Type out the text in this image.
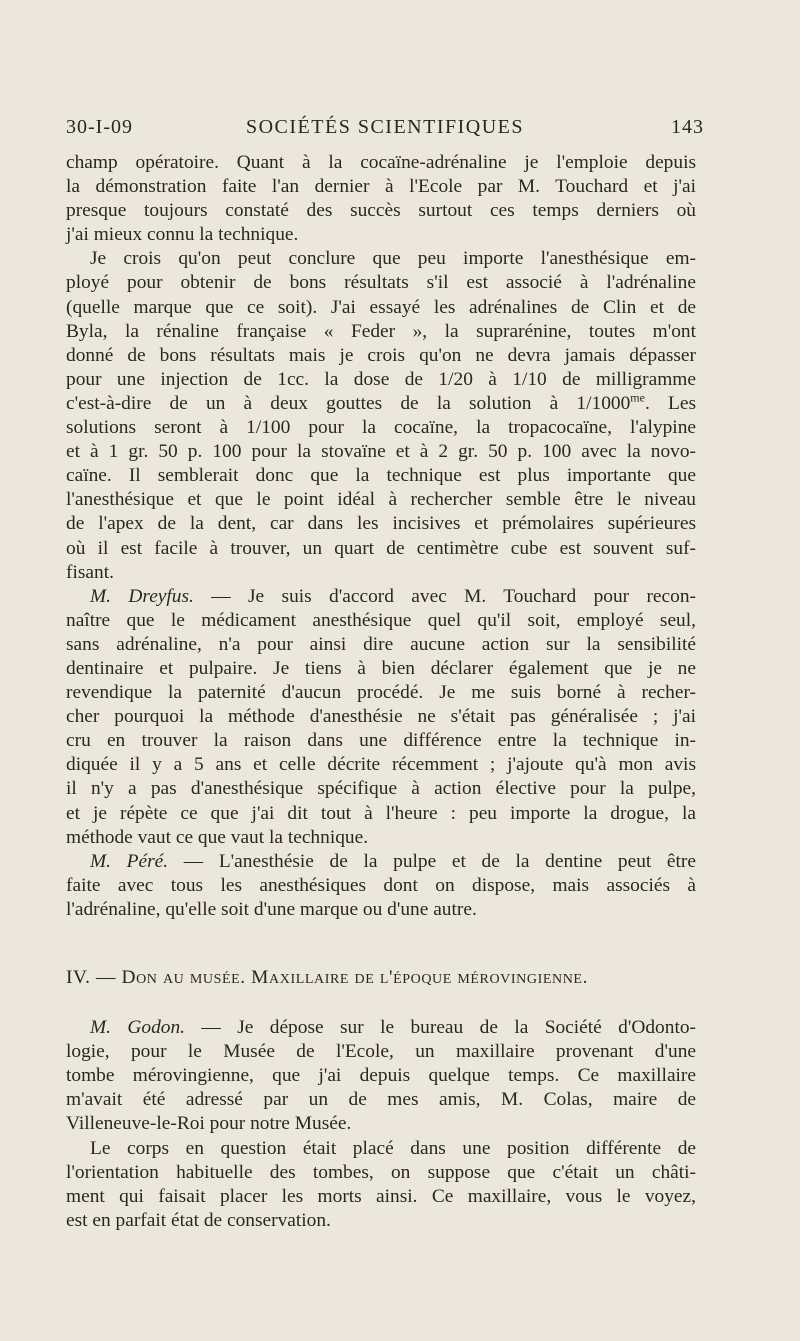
30-I-09	SOCIÉTÉS SCIENTIFIQUES	143
champ opératoire. Quant à la cocaïne-adrénaline je l'emploie depuis
la démonstration faite l'an dernier à l'Ecole par M. Touchard et j'ai
presque toujours constaté des succès surtout ces temps derniers où
j'ai mieux connu la technique.
Je crois qu'on peut conclure que peu importe l'anesthésique em-
ployé pour obtenir de bons résultats s'il est associé à l'adrénaline
(quelle marque que ce soit). J'ai essayé les adrénalines de Clin et de
Byla, la rénaline française « Feder », la suprarénine, toutes m'ont
donné de bons résultats mais je crois qu'on ne devra jamais dépasser
pour une injection de 1cc. la dose de 1/20 à 1/10 de milligramme
c'est-à-dire de un à deux gouttes de la solution à $1/1000^{me}$. Les
solutions seront à 1/100 pour la cocaïne, la tropacocaïne, l'alypine
et à 1 gr. 50 p. 100 pour la stovaïne et à 2 gr. 50 p. 100 avec la novo-
caïne. Il semblerait donc que la technique est plus importante que
l'anesthésique et que le point idéal à rechercher semble être le niveau
de l'apex de la dent, car dans les incisives et prémolaires supérieures
où il est facile à trouver, un quart de centimètre cube est souvent suf-
fisant.
M. Dreyfus. — Je suis d'accord avec M. Touchard pour recon-
naître que le médicament anesthésique quel qu'il soit, employé seul,
sans adrénaline, n'a pour ainsi dire aucune action sur la sensibilité
dentinaire et pulpaire. Je tiens à bien déclarer également que je ne
revendique la paternité d'aucun procédé. Je me suis borné à recher-
cher pourquoi la méthode d'anesthésie ne s'était pas généralisée ; j'ai
cru en trouver la raison dans une différence entre la technique in-
diquée il y a 5 ans et celle décrite récemment ; j'ajoute qu'à mon avis
il n'y a pas d'anesthésique spécifique à action élective pour la pulpe,
et je répète ce que j'ai dit tout à l'heure : peu importe la drogue, la
méthode vaut ce que vaut la technique.
M. Péré. — L'anesthésie de la pulpe et de la dentine peut être
faite avec tous les anesthésiques dont on dispose, mais associés à
l'adrénaline, qu'elle soit d'une marque ou d'une autre.
IV. — Don au musée. Maxillaire de l'époque mérovingienne.
M. Godon. — Je dépose sur le bureau de la Société d'Odonto-
logie, pour le Musée de l'Ecole, un maxillaire provenant d'une
tombe mérovingienne, que j'ai depuis quelque temps. Ce maxillaire
m'avait été adressé par un de mes amis, M. Colas, maire de
Villeneuve-le-Roi pour notre Musée.
Le corps en question était placé dans une position différente de
l'orientation habituelle des tombes, on suppose que c'était un châti-
ment qui faisait placer les morts ainsi. Ce maxillaire, vous le voyez,
est en parfait état de conservation.
